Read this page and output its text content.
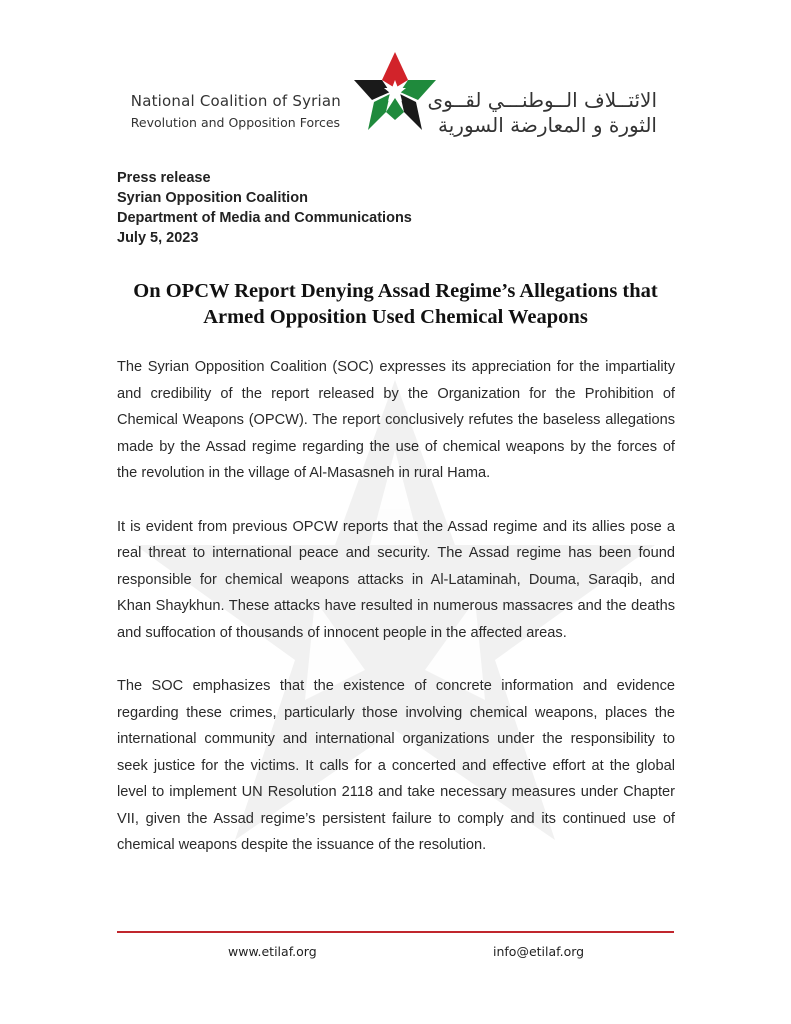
National Coalition of Syrian
Revolution and Opposition Forces
الائتــلاف الــوطنـــي لقــوى
الثورة و المعارضة السورية
Press release
Syrian Opposition Coalition
Department of Media and Communications
July 5, 2023
On OPCW Report Denying Assad Regime’s Allegations that Armed Opposition Used Chemical Weapons

The Syrian Opposition Coalition (SOC) expresses its appreciation for the impartiality and credibility of the report released by the Organization for the Prohibition of Chemical Weapons (OPCW). The report conclusively refutes the baseless allegations made by the Assad regime regarding the use of chemical weapons by the forces of the revolution in the village of Al-Masasneh in rural Hama.

It is evident from previous OPCW reports that the Assad regime and its allies pose a real threat to international peace and security. The Assad regime has been found responsible for chemical weapons attacks in Al-Lataminah, Douma, Saraqib, and Khan Shaykhun. These attacks have resulted in numerous massacres and the deaths and suffocation of thousands of innocent people in the affected areas.

The SOC emphasizes that the existence of concrete information and evidence regarding these crimes, particularly those involving chemical weapons, places the international community and international organizations under the responsibility to seek justice for the victims. It calls for a concerted and effective effort at the global level to implement UN Resolution 2118 and take necessary measures under Chapter VII, given the Assad regime’s persistent failure to comply and its continued use of chemical weapons despite the issuance of the resolution.

www.etilaf.org	info@etilaf.org
